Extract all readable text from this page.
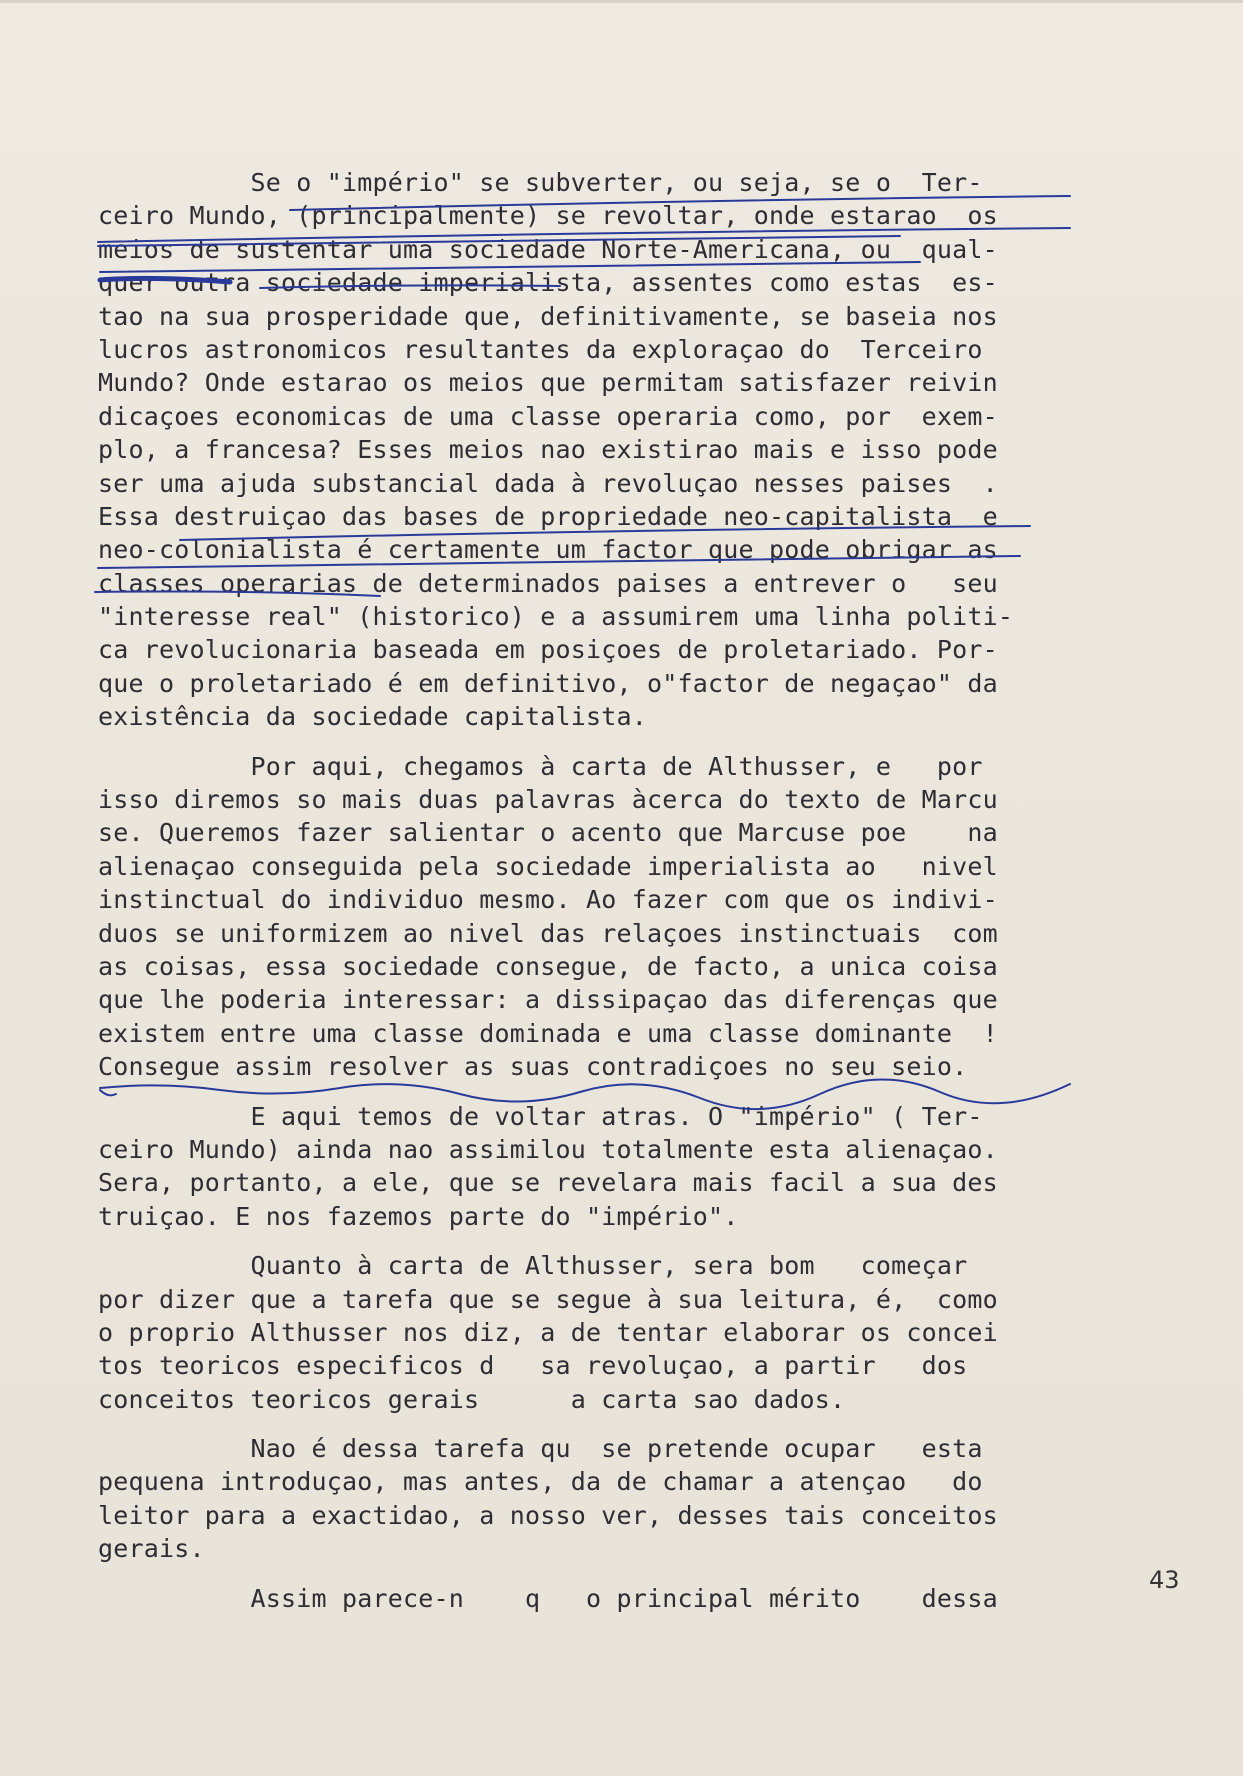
Se o "império" se subverter, ou seja, se o  Ter-
ceiro Mundo, (principalmente) se revoltar, onde estarao  os
meios de sustentar uma sociedade Norte-Americana, ou  qual-
quer outra sociedade imperialista, assentes como estas  es-
tao na sua prosperidade que, definitivamente, se baseia nos
lucros astronomicos resultantes da exploraçao do  Terceiro
Mundo? Onde estarao os meios que permitam satisfazer reivin
dicaçoes economicas de uma classe operaria como, por  exem-
plo, a francesa? Esses meios nao existirao mais e isso pode
ser uma ajuda substancial dada à revoluçao nesses paises  .
Essa destruiçao das bases de propriedade neo-capitalista  e
neo-colonialista é certamente um factor que pode obrigar as
classes operarias de determinados paises a entrever o   seu
"interesse real" (historico) e a assumirem uma linha politi-
ca revolucionaria baseada em posiçoes de proletariado. Por-
que o proletariado é em definitivo, o"factor de negaçao" da
existência da sociedade capitalista.
Por aqui, chegamos à carta de Althusser, e   por
isso diremos so mais duas palavras àcerca do texto de Marcu
se. Queremos fazer salientar o acento que Marcuse poe    na
alienaçao conseguida pela sociedade imperialista ao   nivel
instinctual do individuo mesmo. Ao fazer com que os indivi-
duos se uniformizem ao nivel das relaçoes instinctuais  com
as coisas, essa sociedade consegue, de facto, a unica coisa
que lhe poderia interessar: a dissipaçao das diferenças que
existem entre uma classe dominada e uma classe dominante  !
Consegue assim resolver as suas contradiçoes no seu seio.
E aqui temos de voltar atras. O "império" ( Ter-
ceiro Mundo) ainda nao assimilou totalmente esta alienaçao.
Sera, portanto, a ele, que se revelara mais facil a sua des
truiçao. E nos fazemos parte do "império".
Quanto à carta de Althusser, sera bom   começar
por dizer que a tarefa que se segue à sua leitura, é,  como
o proprio Althusser nos diz, a de tentar elaborar os concei
tos teoricos especificos d   sa revoluçao, a partir   dos
conceitos teoricos gerais      a carta sao dados.
Nao é dessa tarefa qu  se pretende ocupar   esta
pequena introduçao, mas antes, da de chamar a atençao   do
leitor para a exactidao, a nosso ver, desses tais conceitos
gerais.
Assim parece-n    q   o principal mérito    dessa
43
